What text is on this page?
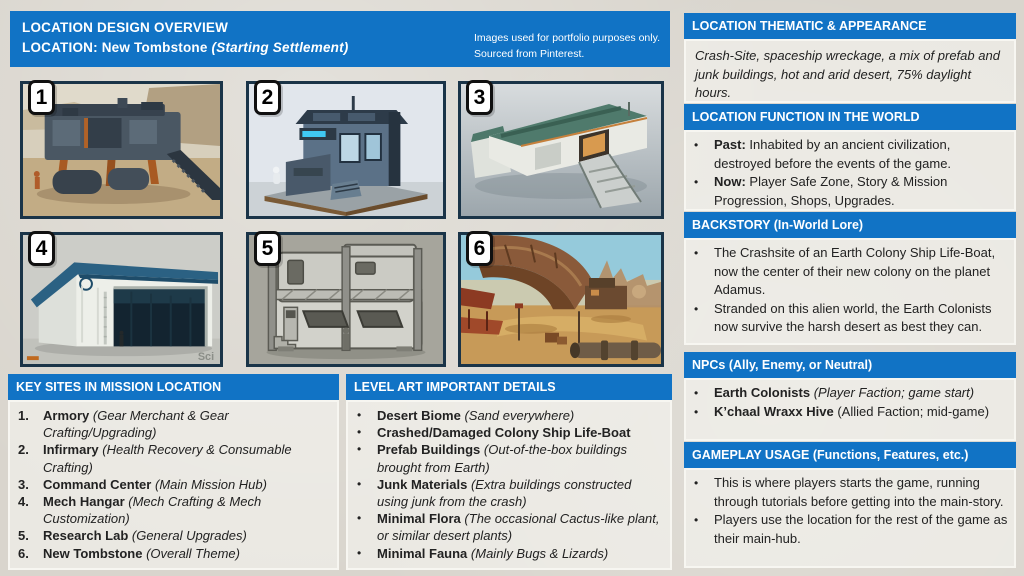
LOCATION DESIGN OVERVIEW
LOCATION: New Tombstone (Starting Settlement)
Images used for portfolio purposes only.
Sourced from Pinterest.
1	2	3
4
Sci
5	6
KEY SITES IN MISSION LOCATION
1.	Armory (Gear Merchant & Gear Crafting/Upgrading)
2.	Infirmary (Health Recovery & Consumable Crafting)
3.	Command Center (Main Mission Hub)
4.	Mech Hangar (Mech Crafting & Mech Customization)
5.	Research Lab (General Upgrades)
6.	New Tombstone (Overall Theme)
LEVEL ART IMPORTANT DETAILS
•	Desert Biome (Sand everywhere)
•	Crashed/Damaged Colony Ship Life-Boat
•	Prefab Buildings (Out-of-the-box buildings brought from Earth)
•	Junk Materials (Extra buildings constructed using junk from the crash)
•	Minimal Flora (The occasional Cactus-like plant, or similar desert plants)
•	Minimal Fauna (Mainly Bugs & Lizards)
LOCATION THEMATIC & APPEARANCE
Crash-Site, spaceship wreckage, a mix of prefab and junk buildings, hot and arid desert, 75% daylight hours.
LOCATION FUNCTION IN THE WORLD
•	Past: Inhabited by an ancient civilization, destroyed before the events of the game.
•	Now: Player Safe Zone, Story & Mission Progression, Shops, Upgrades.
BACKSTORY (In-World Lore)
•	The Crashsite of an Earth Colony Ship Life-Boat, now the center of their new colony on the planet Adamus.
•	Stranded on this alien world, the Earth Colonists now survive the harsh desert as best they can.
NPCs (Ally, Enemy, or Neutral)
•	Earth Colonists (Player Faction; game start)
•	K’chaal Wraxx Hive (Allied Faction; mid-game)
GAMEPLAY USAGE (Functions, Features, etc.)
•	This is where players starts the game, running through tutorials before getting into the main-story.
•	Players use the location for the rest of the game as their main-hub.
